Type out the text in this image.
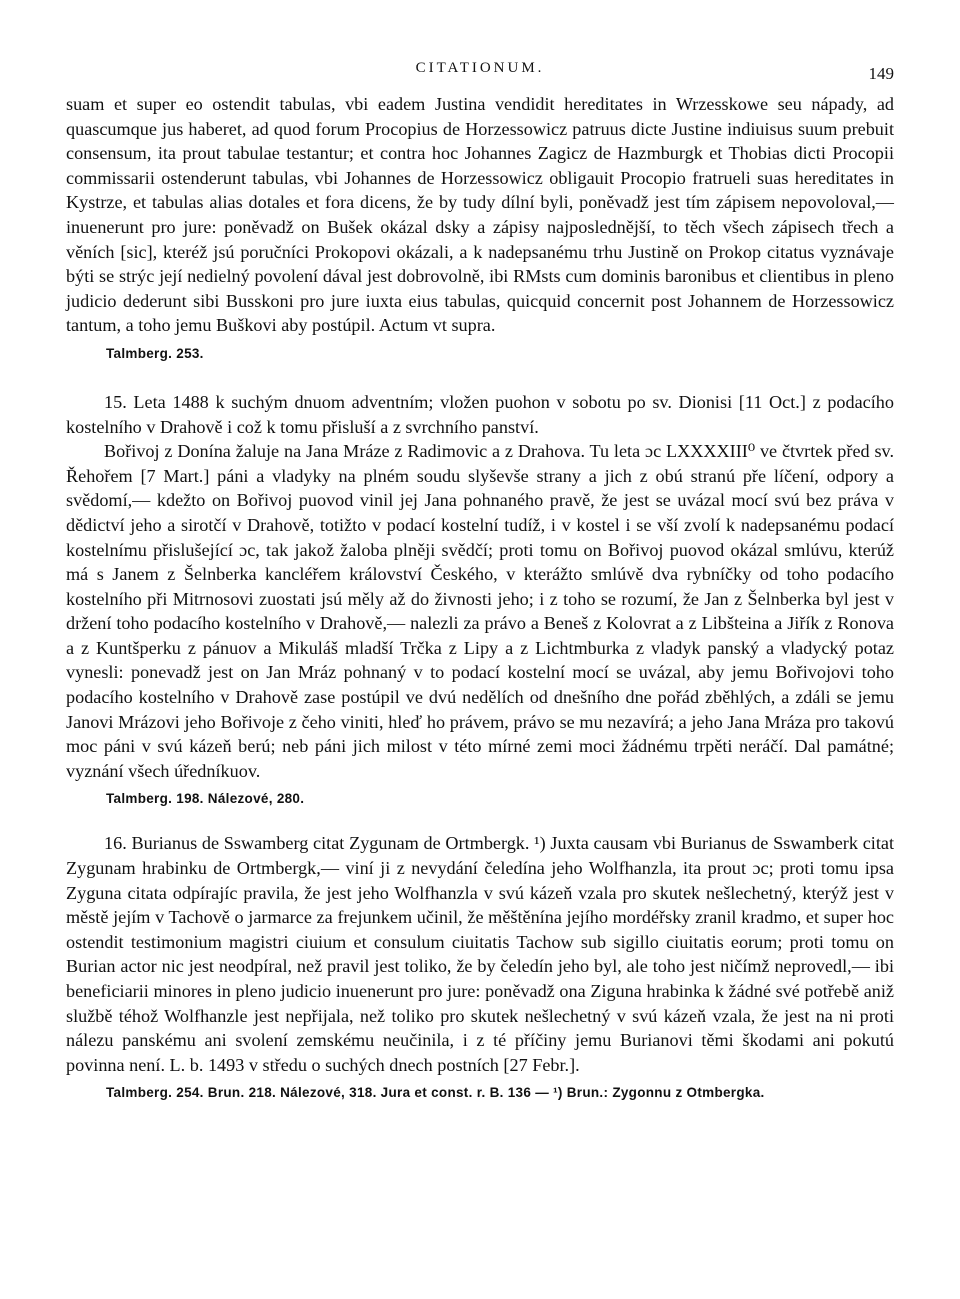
CITATIONUM.	149

suam et super eo ostendit tabulas, vbi eadem Justina vendidit hereditates in Wrzesskowe seu nápady, ad quascumque jus haberet, ad quod forum Procopius de Horzessowicz patruus dicte Justine indiuisus suum prebuit consensum, ita prout tabulae testantur; et contra hoc Johannes Zagicz de Hazmburgk et Thobias dicti Procopii commissarii ostenderunt tabulas, vbi Johannes de Horzessowicz obligauit Procopio fratrueli suas hereditates in Kystrze, et tabulas alias dotales et fora dicens, že by tudy dílní byli, poněvadž jest tím zápisem nepovoloval,—inuenerunt pro jure: poněvadž on Bušek okázal dsky a zápisy najposlednější, to těch všech zápisech třech a věních [sic], kteréž jsú poručníci Prokopovi okázali, a k nadepsanému trhu Justině on Prokop citatus vyznávaje býti se strýc její nedielný povolení dával jest dobrovolně, ibi RMsts cum dominis baronibus et clientibus in pleno judicio dederunt sibi Busskoni pro jure iuxta eius tabulas, quicquid concernit post Johannem de Horzessowicz tantum, a toho jemu Buškovi aby postúpil. Actum vt supra.

Talmberg. 253.

15. Leta 1488 k suchým dnuom adventním; vložen puohon v sobotu po sv. Dionisi [11 Oct.] z podacího kostelního v Drahově i což k tomu přisluší a z svrchního panství.

Bořivoj z Donína žaluje na Jana Mráze z Radimovic a z Drahova. Tu leta ɔc LXXXXIII⁰ ve čtvrtek před sv. Řehořem [7 Mart.] páni a vladyky na plném soudu slyševše strany a jich z obú stranú pře líčení, odpory a svědomí,— kdežto on Bořivoj puovod vinil jej Jana pohnaného pravě, že jest se uvázal mocí svú bez práva v dědictví jeho a sirotčí v Drahově, totižto v podací kostelní tudíž, i v kostel i se vší zvolí k nadepsanému podací kostelnímu přislušející ɔc, tak jakož žaloba plněji svědčí; proti tomu on Bořivoj puovod okázal smlúvu, kterúž má s Janem z Šelnberka kancléřem království Českého, v kterážto smlúvě dva rybníčky od toho podacího kostelního při Mitrnosovi zuostati jsú měly až do živnosti jeho; i z toho se rozumí, že Jan z Šelnberka byl jest v držení toho podacího kostelního v Drahově,— nalezli za právo a Beneš z Kolovrat a z Libšteina a Jiřík z Ronova a z Kuntšperku z pánuov a Mikuláš mladší Trčka z Lipy a z Lichtmburka z vladyk panský a vladycký potaz vynesli: ponevadž jest on Jan Mráz pohnaný v to podací kostelní mocí se uvázal, aby jemu Bořivojovi toho podacího kostelního v Drahově zase postúpil ve dvú nedělích od dnešního dne pořád zběhlých, a zdáli se jemu Janovi Mrázovi jeho Bořivoje z čeho viniti, hleď ho právem, právo se mu nezavírá; a jeho Jana Mráza pro takovú moc páni v svú kázeň berú; neb páni jich milost v této mírné zemi moci žádnému trpěti neráčí. Dal památné; vyznání všech úředníkuov.

Talmberg. 198. Nálezové, 280.

16. Burianus de Sswamberg citat Zygunam de Ortmbergk. ¹) Juxta causam vbi Burianus de Sswamberk citat Zygunam hrabinku de Ortmbergk,— viní ji z nevydání čeledína jeho Wolfhanzla, ita prout ɔc; proti tomu ipsa Zyguna citata odpírajíc pravila, že jest jeho Wolfhanzla v svú kázeň vzala pro skutek nešlechetný, kterýž jest v městě jejím v Tachově o jarmarce za frejunkem učinil, že měštěnína jejího mordéřsky zranil kradmo, et super hoc ostendit testimonium magistri ciuium et consulum ciuitatis Tachow sub sigillo ciuitatis eorum; proti tomu on Burian actor nic jest neodpíral, než pravil jest toliko, že by čeledín jeho byl, ale toho jest ničímž neprovedl,— ibi beneficiarii minores in pleno judicio inuenerunt pro jure: poněvadž ona Ziguna hrabinka k žádné své potřebě aniž službě téhož Wolfhanzle jest nepřijala, než toliko pro skutek nešlechetný v svú kázeň vzala, že jest na ni proti nálezu panskému ani svolení zemskému neučinila, i z té příčiny jemu Burianovi těmi škodami ani pokutú povinna není. L. b. 1493 v středu o suchých dnech postních [27 Febr.].

Talmberg. 254. Brun. 218. Nálezové, 318. Jura et const. r. B. 136 — ¹) Brun.: Zygonnu z Otmbergka.
